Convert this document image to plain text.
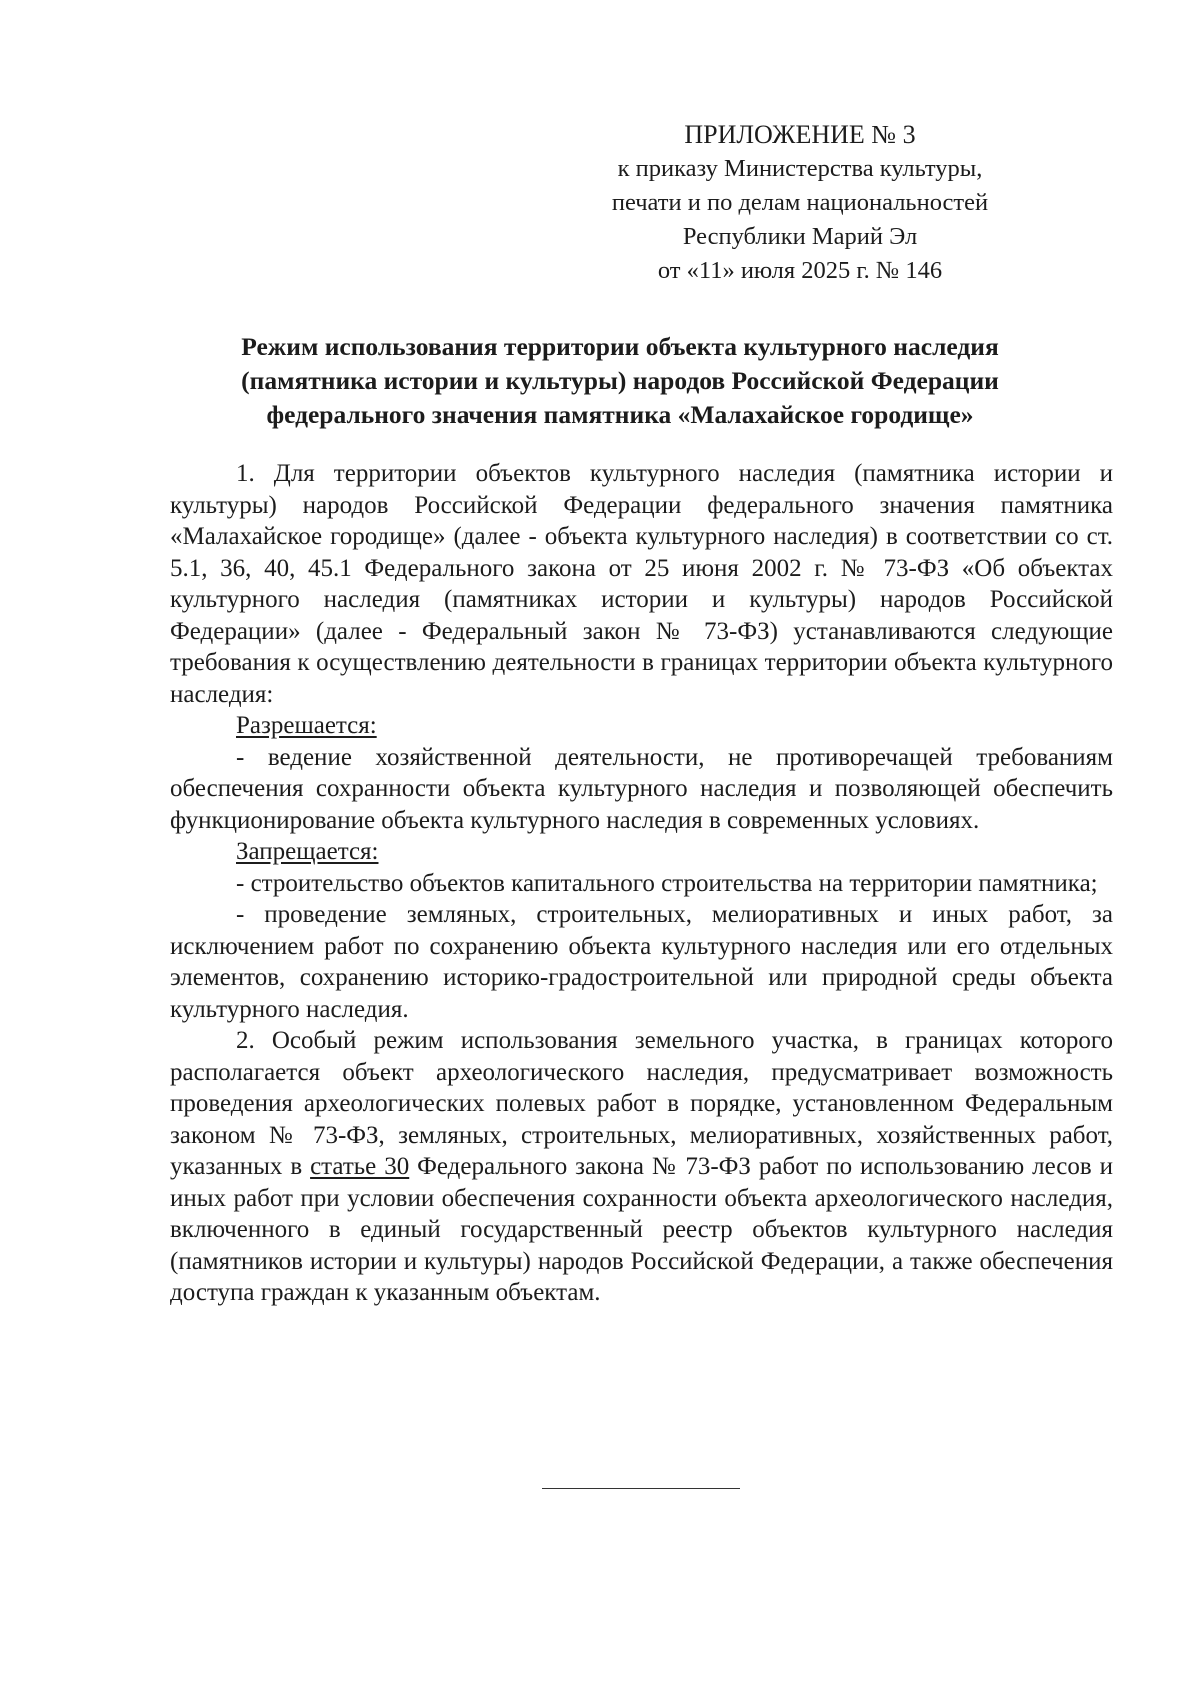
ПРИЛОЖЕНИЕ № 3
к приказу Министерства культуры,
печати и по делам национальностей
Республики Марий Эл
от «11» июля 2025 г. № 146
Режим использования территории объекта культурного наследия
(памятника истории и культуры) народов Российской Федерации
федерального значения памятника «Малахайское городище»

1. Для территории объектов культурного наследия (памятника истории и культуры) народов Российской Федерации федерального значения памятника «Малахайское городище» (далее - объекта культурного наследия) в соответствии со ст. 5.1, 36, 40, 45.1 Федерального закона от 25 июня 2002 г. № 73-ФЗ «Об объектах культурного наследия (памятниках истории и культуры) народов Российской Федерации» (далее - Федеральный закон № 73-ФЗ) устанавливаются следующие требования к осуществлению деятельности в границах территории объекта культурного наследия:

Разрешается:

- ведение хозяйственной деятельности, не противоречащей требованиям обеспечения сохранности объекта культурного наследия и позволяющей обеспечить функционирование объекта культурного наследия в современных условиях.

Запрещается:

- строительство объектов капитального строительства на территории памятника;

- проведение земляных, строительных, мелиоративных и иных работ, за исключением работ по сохранению объекта культурного наследия или его отдельных элементов, сохранению историко-градостроительной или природной среды объекта культурного наследия.

2. Особый режим использования земельного участка, в границах которого располагается объект археологического наследия, предусматривает возможность проведения археологических полевых работ в порядке, установленном Федеральным законом № 73-ФЗ, земляных, строительных, мелиоративных, хозяйственных работ, указанных в статье 30 Федерального закона № 73-ФЗ работ по использованию лесов и иных работ при условии обеспечения сохранности объекта археологического наследия, включенного в единый государственный реестр объектов культурного наследия (памятников истории и культуры) народов Российской Федерации, а также обеспечения доступа граждан к указанным объектам.
